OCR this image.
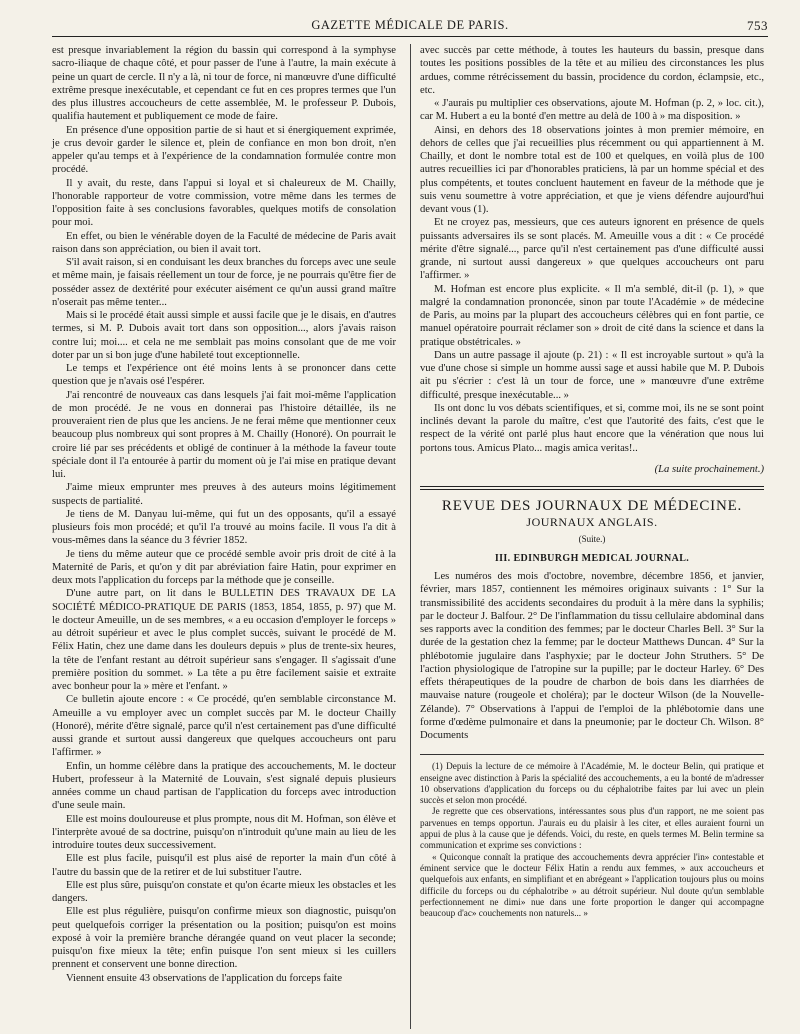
GAZETTE MÉDICALE DE PARIS.	753

est presque invariablement la région du bassin qui correspond à la symphyse sacro-iliaque de chaque côté, et pour passer de l'une à l'autre, la main exécute à peine un quart de cercle. Il n'y a là, ni tour de force, ni manœuvre d'une difficulté extrême presque inexécutable, et cependant ce fut en ces propres termes que l'un des plus illustres accoucheurs de cette assemblée, M. le professeur P. Dubois, qualifia hautement et publiquement ce mode de faire.

En présence d'une opposition partie de si haut et si énergiquement exprimée, je crus devoir garder le silence et, plein de confiance en mon bon droit, n'en appeler qu'au temps et à l'expérience de la condamnation formulée contre mon procédé.

Il y avait, du reste, dans l'appui si loyal et si chaleureux de M. Chailly, l'honorable rapporteur de votre commission, votre même dans les termes de l'opposition faite à ses conclusions favorables, quelques motifs de consolation pour moi.

En effet, ou bien le vénérable doyen de la Faculté de médecine de Paris avait raison dans son appréciation, ou bien il avait tort.

S'il avait raison, si en conduisant les deux branches du forceps avec une seule et même main, je faisais réellement un tour de force, je ne pourrais qu'être fier de posséder assez de dextérité pour exécuter aisément ce qu'un aussi grand maître n'oserait pas même tenter...

Mais si le procédé était aussi simple et aussi facile que je le disais, en d'autres termes, si M. P. Dubois avait tort dans son opposition..., alors j'avais raison contre lui; moi.... et cela ne me semblait pas moins consolant que de me voir doter par un si bon juge d'une habileté tout exceptionnelle.

Le temps et l'expérience ont été moins lents à se prononcer dans cette question que je n'avais osé l'espérer.

J'ai rencontré de nouveaux cas dans lesquels j'ai fait moi-même l'application de mon procédé. Je ne vous en donnerai pas l'histoire détaillée, ils ne prouveraient rien de plus que les anciens. Je ne ferai même que mentionner ceux beaucoup plus nombreux qui sont propres à M. Chailly (Honoré). On pourrait le croire lié par ses précédents et obligé de continuer à la méthode la faveur toute spéciale dont il l'a entourée à partir du moment où je l'ai mise en pratique devant lui.

J'aime mieux emprunter mes preuves à des auteurs moins légitimement suspects de partialité.

Je tiens de M. Danyau lui-même, qui fut un des opposants, qu'il a essayé plusieurs fois mon procédé; et qu'il l'a trouvé au moins facile. Il vous l'a dit à vous-mêmes dans la séance du 3 février 1852.

Je tiens du même auteur que ce procédé semble avoir pris droit de cité à la Maternité de Paris, et qu'on y dit par abréviation faire Hatin, pour exprimer en deux mots l'application du forceps par la méthode que je conseille.

D'une autre part, on lit dans le BULLETIN DES TRAVAUX DE LA SOCIÉTÉ MÉDICO-PRATIQUE DE PARIS (1853, 1854, 1855, p. 97) que M. le docteur Ameuille, un de ses membres, « a eu occasion d'employer le forceps » au détroit supérieur et avec le plus complet succès, suivant le procédé de M. Félix Hatin, chez une dame dans les douleurs depuis » plus de trente-six heures, la tête de l'enfant restant au détroit supérieur sans s'engager. Il s'agissait d'une première position du sommet. » La tête a pu être facilement saisie et extraite avec bonheur pour la » mère et l'enfant. »

Ce bulletin ajoute encore : « Ce procédé, qu'en semblable circonstance M. Ameuille a vu employer avec un complet succès par M. le docteur Chailly (Honoré), mérite d'être signalé, parce qu'il n'est certainement pas d'une difficulté aussi grande et surtout aussi dangereux que quelques accoucheurs ont paru l'affirmer. »

Enfin, un homme célèbre dans la pratique des accouchements, M. le docteur Hubert, professeur à la Maternité de Louvain, s'est signalé depuis plusieurs années comme un chaud partisan de l'application du forceps avec introduction d'une seule main.

Elle est moins douloureuse et plus prompte, nous dit M. Hofman, son élève et l'interprète avoué de sa doctrine, puisqu'on n'introduit qu'une main au lieu de les introduire toutes deux successivement.

Elle est plus facile, puisqu'il est plus aisé de reporter la main d'un côté à l'autre du bassin que de la retirer et de lui substituer l'autre.

Elle est plus sûre, puisqu'on constate et qu'on écarte mieux les obstacles et les dangers.

Elle est plus régulière, puisqu'on confirme mieux son diagnostic, puisqu'on peut quelquefois corriger la présentation ou la position; puisqu'on est moins exposé à voir la première branche dérangée quand on veut placer la seconde; puisqu'on fixe mieux la tête; enfin puisque l'on sent mieux si les cuillers prennent et conservent une bonne direction.

Viennent ensuite 43 observations de l'application du forceps faite

avec succès par cette méthode, à toutes les hauteurs du bassin, presque dans toutes les positions possibles de la tête et au milieu des circonstances les plus ardues, comme rétrécissement du bassin, procidence du cordon, éclampsie, etc., etc.

« J'aurais pu multiplier ces observations, ajoute M. Hofman (p. 2, » loc. cit.), car M. Hubert a eu la bonté d'en mettre au delà de 100 à » ma disposition. »

Ainsi, en dehors des 18 observations jointes à mon premier mémoire, en dehors de celles que j'ai recueillies plus récemment ou qui appartiennent à M. Chailly, et dont le nombre total est de 100 et quelques, en voilà plus de 100 autres recueillies ici par d'honorables praticiens, là par un homme spécial et des plus compétents, et toutes concluent hautement en faveur de la méthode que je suis venu soumettre à votre appréciation, et que je viens défendre aujourd'hui devant vous (1).

Et ne croyez pas, messieurs, que ces auteurs ignorent en présence de quels puissants adversaires ils se sont placés. M. Ameuille vous a dit : « Ce procédé mérite d'être signalé..., parce qu'il n'est certainement pas d'une difficulté aussi grande, ni surtout aussi dangereux » que quelques accoucheurs ont paru l'affirmer. »

M. Hofman est encore plus explicite. « Il m'a semblé, dit-il (p. 1), » que malgré la condamnation prononcée, sinon par toute l'Académie » de médecine de Paris, au moins par la plupart des accoucheurs célèbres qui en font partie, ce manuel opératoire pourrait réclamer son » droit de cité dans la science et dans la pratique obstétricales. »

Dans un autre passage il ajoute (p. 21) : « Il est incroyable surtout » qu'à la vue d'une chose si simple un homme aussi sage et aussi habile que M. P. Dubois ait pu s'écrier : c'est là un tour de force, une » manœuvre d'une extrême difficulté, presque inexécutable... »

Ils ont donc lu vos débats scientifiques, et si, comme moi, ils ne se sont point inclinés devant la parole du maître, c'est que l'autorité des faits, c'est que le respect de la vérité ont parlé plus haut encore que la vénération que nous lui portons tous. Amicus Plato... magis amica veritas!..

(La suite prochainement.)
REVUE DES JOURNAUX DE MÉDECINE.
JOURNAUX ANGLAIS.
(Suite.)
III. EDINBURGH MEDICAL JOURNAL.

Les numéros des mois d'octobre, novembre, décembre 1856, et janvier, février, mars 1857, contiennent les mémoires originaux suivants : 1° Sur la transmissibilité des accidents secondaires du produit à la mère dans la syphilis; par le docteur J. Balfour. 2° De l'inflammation du tissu cellulaire abdominal dans ses rapports avec la condition des femmes; par le docteur Charles Bell. 3° Sur la durée de la gestation chez la femme; par le docteur Matthews Duncan. 4° Sur la phlébotomie jugulaire dans l'asphyxie; par le docteur John Struthers. 5° De l'action physiologique de l'atropine sur la pupille; par le docteur Harley. 6° Des effets thérapeutiques de la poudre de charbon de bois dans les diarrhées de mauvaise nature (rougeole et choléra); par le docteur Wilson (de la Nouvelle-Zélande). 7° Observations à l'appui de l'emploi de la phlébotomie dans une forme d'œdème pulmonaire et dans la pneumonie; par le docteur Ch. Wilson. 8° Documents

(1) Depuis la lecture de ce mémoire à l'Académie, M. le docteur Belin, qui pratique et enseigne avec distinction à Paris la spécialité des accouchements, a eu la bonté de m'adresser 10 observations d'application du forceps ou du céphalotribe faites par lui avec un plein succès et selon mon procédé.

Je regrette que ces observations, intéressantes sous plus d'un rapport, ne me soient pas parvenues en temps opportun. J'aurais eu du plaisir à les citer, et elles auraient fourni un appui de plus à la cause que je défends. Voici, du reste, en quels termes M. Belin termine sa communication et exprime ses convictions :

« Quiconque connaît la pratique des accouchements devra apprécier l'in» contestable et éminent service que le docteur Félix Hatin a rendu aux femmes, » aux accoucheurs et quelquefois aux enfants, en simplifiant et en abrégeant » l'application toujours plus ou moins difficile du forceps ou du céphalotribe » au détroit supérieur. Nul doute qu'un semblable perfectionnement ne dimi» nue dans une forte proportion le danger qui accompagne beaucoup d'ac» couchements non naturels... »
